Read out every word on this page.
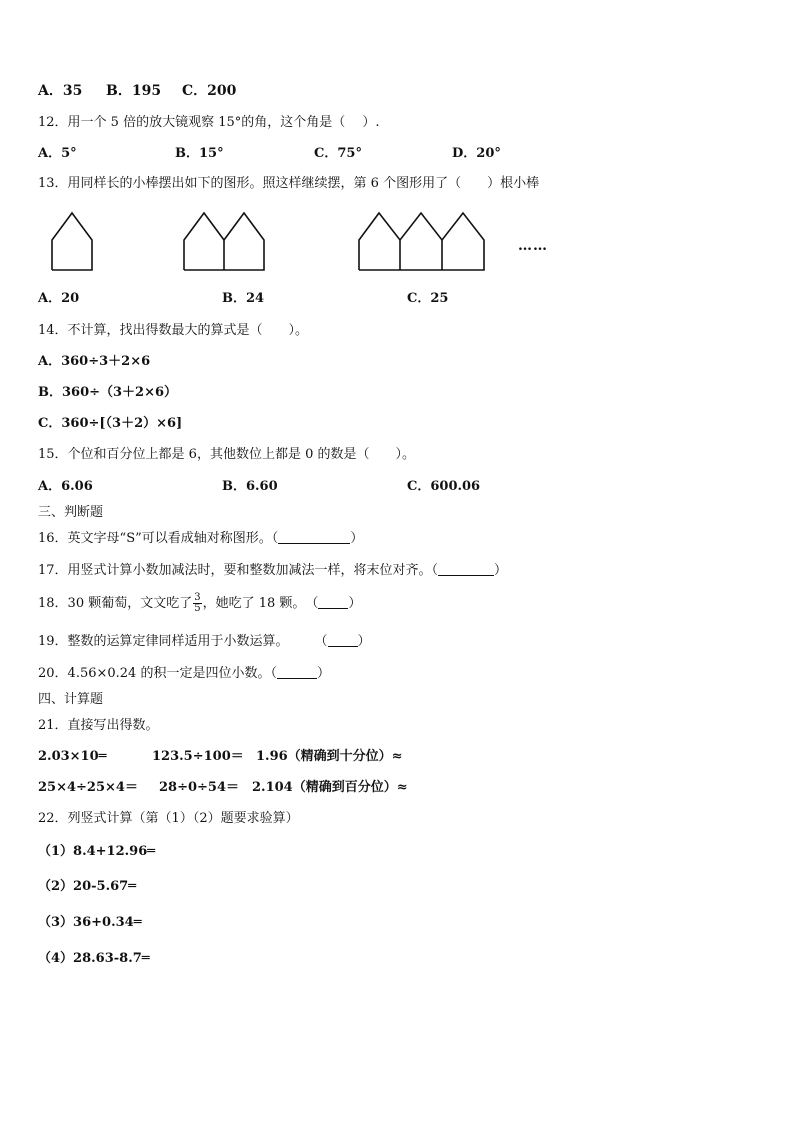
A．35 B．195 C．200
12．用一个 5 倍的放大镜观察 15°的角，这个角是（　 ）.
A．5°	B．15°	C．75°	D．20°
13．用同样长的小棒摆出如下的图形。照这样继续摆，第 6 个图形用了（ ）根小棒
……
A．20	B．24	C．25
14．不计算，找出得数最大的算式是（　　）。
A．360÷3＋2×6
B．360÷（3＋2×6）
C．360÷[（3＋2）×6]
15．个位和百分位上都是 6，其他数位上都是 0 的数是（　　）。
A．6.06	B．6.60	C．600.06
三、判断题
16．英文字母“S”可以看成轴对称图形。（	）
17．用竖式计算小数加减法时，要和整数加减法一样，将末位对齐。（	）
18．30 颗葡萄，文文吃了 $\frac{3}{5}$ ，她吃了 18 颗。　（ ）
19．整数的运算定律同样适用于小数运算。　　　（ ）
20．4.56×0.24 的积一定是四位小数。（	）
四、计算题
21．直接写出得数。
2.03×10═	123.5÷100＝ 1.96（精确到十分位）≈
25×4÷25×4＝ 28÷0÷54＝ 2.104（精确到百分位）≈
22．列竖式计算（第（1）（2）题要求验算）
（1）8.4+12.96═
（2）20-5.67═
（3）36+0.34═
（4）28.63-8.7═
